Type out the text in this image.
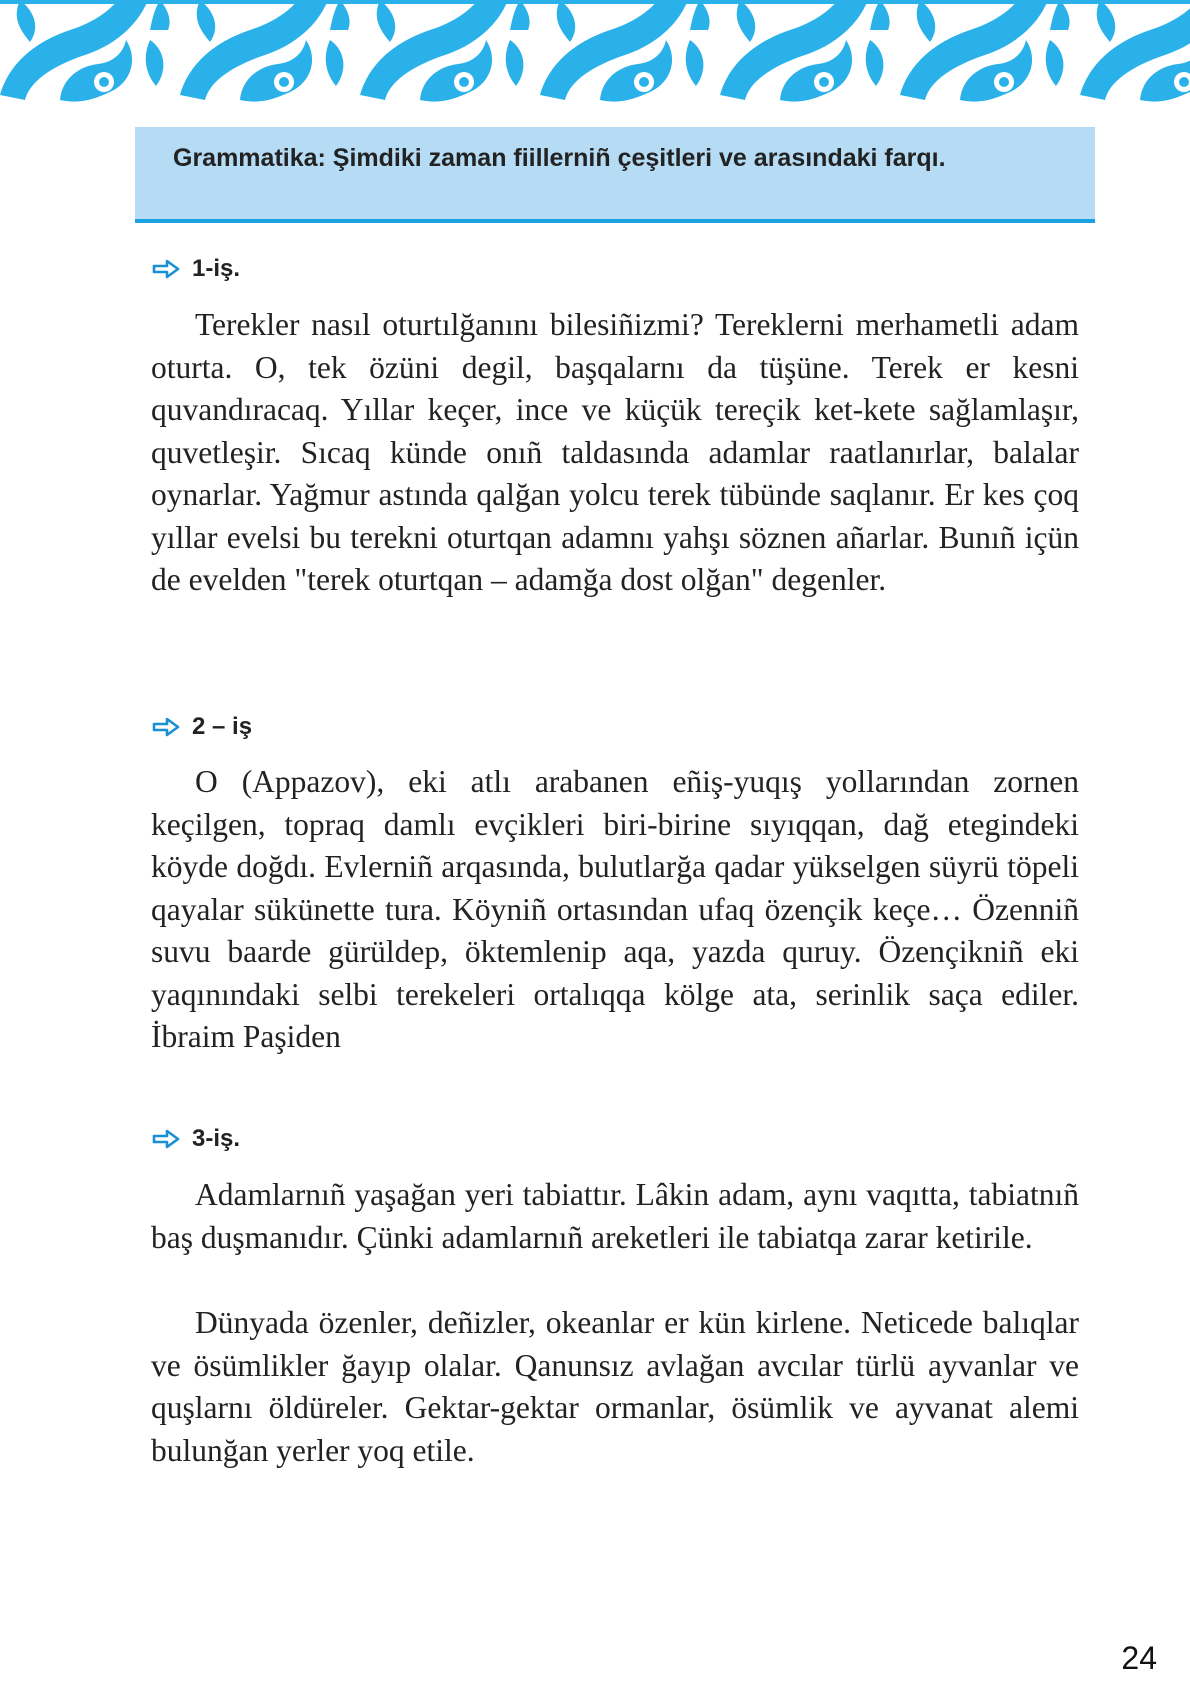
Grammatika: Şimdiki zaman fiillerniñ çeşitleri ve arasındaki farqı.
1-iş.

Terekler nasıl oturtılğanını bilesiñizmi? Tereklerni merhametli adam oturta. O, tek özüni degil, başqalarnı da tüşüne. Terek er kesni quvandıracaq. Yıllar keçer, ince ve küçük tereçik ket-kete sağlamlaşır, quvetleşir. Sıcaq künde onıñ taldasında adamlar raatlanırlar, balalar oynarlar. Yağmur astında qalğan yolcu terek tübünde saqlanır. Er kes çoq yıllar evelsi bu terekni oturtqan adamnı yahşı söznen añarlar. Bunıñ içün de evelden "terek oturtqan – adamğa dost olğan" degenler.

2 – iş

O (Appazov), eki atlı arabanen eñiş-yuqış yollarından zornen keçilgen, topraq damlı evçikleri biri-birine sıyıqqan, dağ etegindeki köyde doğdı. Evlerniñ arqasında, bulutlarğa qadar yükselgen süyrü töpeli qayalar sükünette tura. Köyniñ ortasından ufaq özençik keçe… Özenniñ suvu baarde gürüldep, öktemlenip aqa, yazda quruy. Özençikniñ eki yaqınındaki selbi terekeleri ortalıqqa kölge ata, serinlik saça ediler. İbraim Paşiden

3-iş.

Adamlarnıñ yaşağan yeri tabiattır. Lâkin adam, aynı vaqıtta, tabiatnıñ baş duşmanıdır. Çünki adamlarnıñ areketleri ile tabiatqa zarar ketirile.

Dünyada özenler, deñizler, okeanlar er kün kirlene. Neticede balıqlar ve ösümlikler ğayıp olalar. Qanunsız avlağan avcılar türlü ayvanlar ve quşlarnı öldüreler. Gektar-gektar ormanlar, ösümlik ve ayvanat alemi bulunğan yerler yoq etile.

24
